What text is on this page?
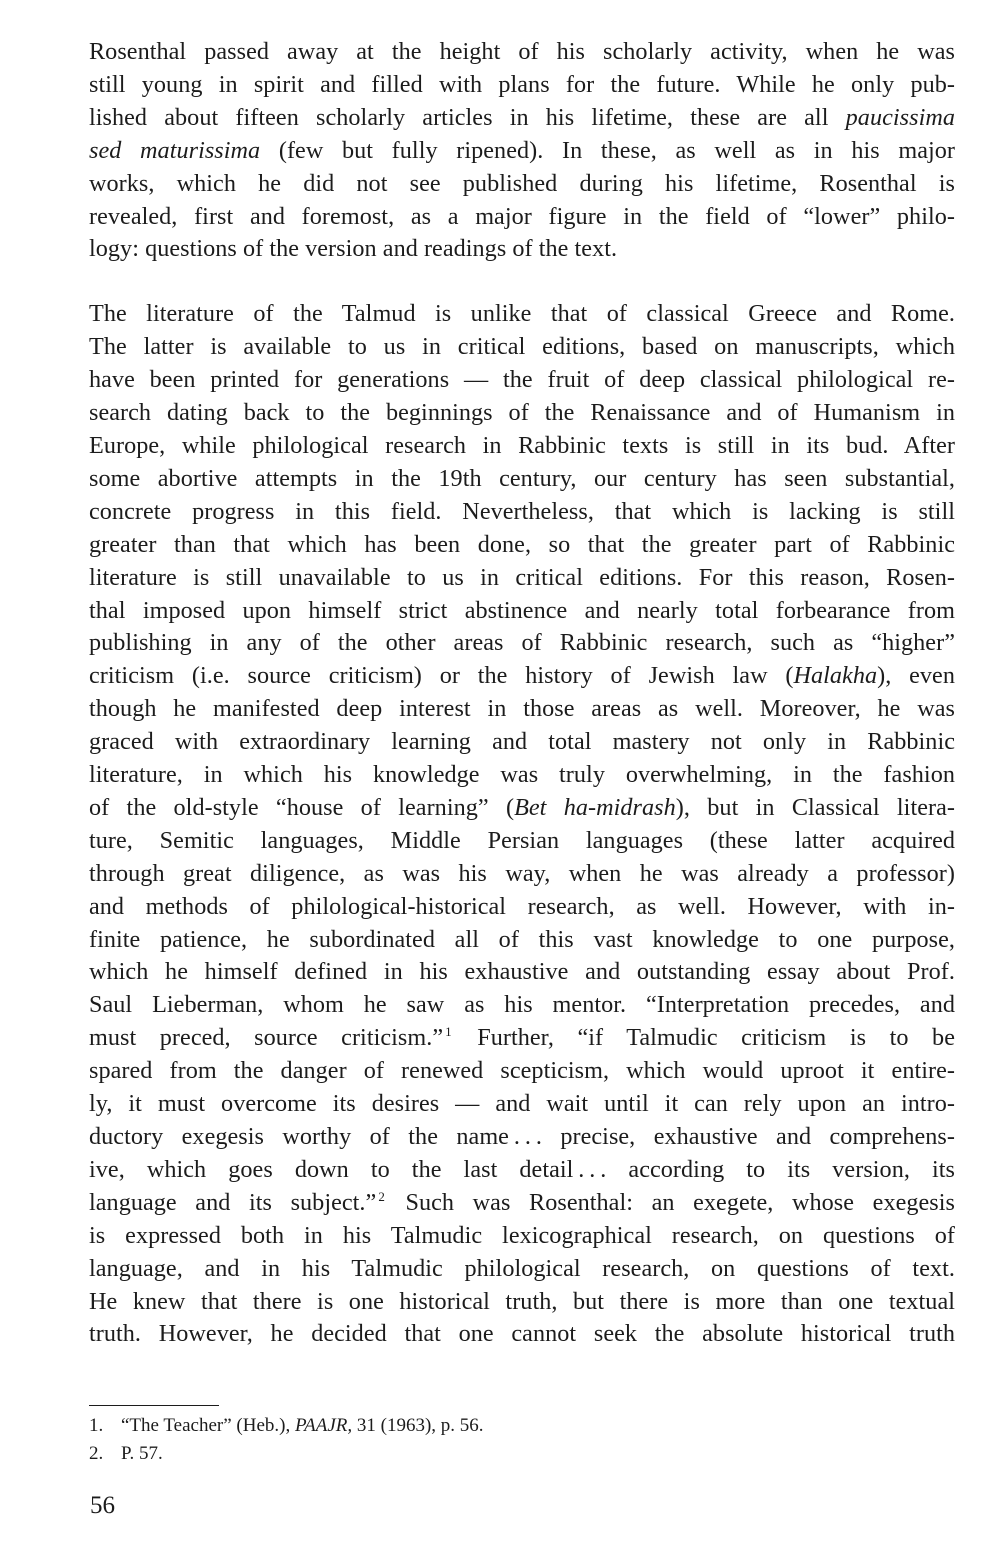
Rosenthal passed away at the height of his scholarly activity, when he was
still young in spirit and filled with plans for the future. While he only pub-
lished about fifteen scholarly articles in his lifetime, these are all paucissima
sed maturissima (few but fully ripened). In these, as well as in his major
works, which he did not see published during his lifetime, Rosenthal is
revealed, first and foremost, as a major figure in the field of “lower” philo-
logy: questions of the version and readings of the text.

The literature of the Talmud is unlike that of classical Greece and Rome.
The latter is available to us in critical editions, based on manuscripts, which
have been printed for generations — the fruit of deep classical philological re-
search dating back to the beginnings of the Renaissance and of Humanism in
Europe, while philological research in Rabbinic texts is still in its bud. After
some abortive attempts in the 19th century, our century has seen substantial,
concrete progress in this field. Nevertheless, that which is lacking is still
greater than that which has been done, so that the greater part of Rabbinic
literature is still unavailable to us in critical editions. For this reason, Rosen-
thal imposed upon himself strict abstinence and nearly total forbearance from
publishing in any of the other areas of Rabbinic research, such as “higher”
criticism (i.e. source criticism) or the history of Jewish law (Halakha), even
though he manifested deep interest in those areas as well. Moreover, he was
graced with extraordinary learning and total mastery not only in Rabbinic
literature, in which his knowledge was truly overwhelming, in the fashion
of the old-style “house of learning” (Bet ha-midrash), but in Classical litera-
ture, Semitic languages, Middle Persian languages (these latter acquired
through great diligence, as was his way, when he was already a professor)
and methods of philological-historical research, as well. However, with in-
finite patience, he subordinated all of this vast knowledge to one purpose,
which he himself defined in his exhaustive and outstanding essay about Prof.
Saul Lieberman, whom he saw as his mentor. “Interpretation precedes, and
must preced, source criticism.” $^1$ Further, “if Talmudic criticism is to be
spared from the danger of renewed scepticism, which would uproot it entire-
ly, it must overcome its desires — and wait until it can rely upon an intro-
ductory exegesis worthy of the name . . . precise, exhaustive and comprehens-
ive, which goes down to the last detail . . . according to its version, its
language and its subject.” $^2$ Such was Rosenthal: an exegete, whose exegesis
is expressed both in his Talmudic lexicographical research, on questions of
language, and in his Talmudic philological research, on questions of text.
He knew that there is one historical truth, but there is more than one textual
truth. However, he decided that one cannot seek the absolute historical truth

1. “The Teacher” (Heb.), PAAJR, 31 (1963), p. 56.
2. P. 57.
56
